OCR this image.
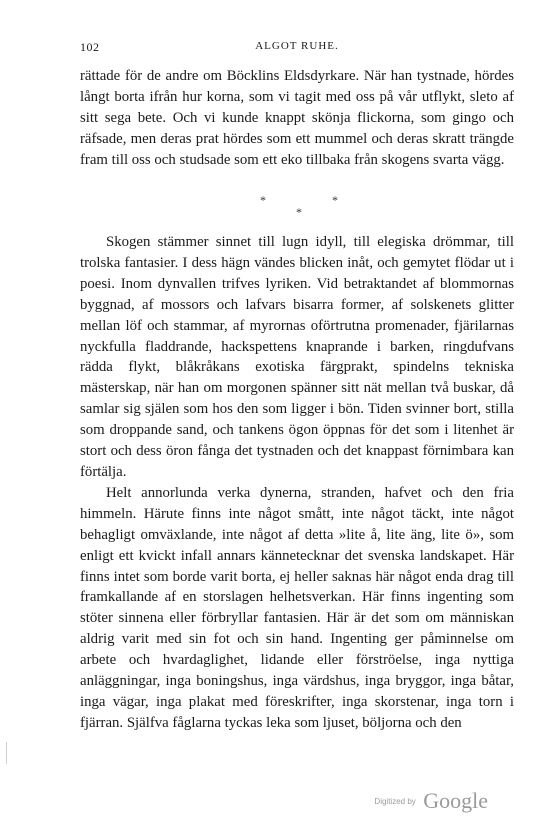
102	ALGOT RUHE.

rättade för de andre om Böcklins Eldsdyrkare. När han tystnade, hördes långt borta ifrån hur korna, som vi tagit med oss på vår utflykt, sleto af sitt sega bete. Och vi kunde knappt skönja flickorna, som gingo och räfsade, men deras prat hördes som ett mummel och deras skratt trängde fram till oss och studsade som ett eko tillbaka från skogens svarta vägg.

*	*
*

Skogen stämmer sinnet till lugn idyll, till elegiska drömmar, till trolska fantasier. I dess hägn vändes blicken inåt, och gemytet flödar ut i poesi. Inom dynvallen trifves lyriken. Vid betraktandet af blommornas byggnad, af mossors och lafvars bisarra former, af solskenets glitter mellan löf och stammar, af myrornas oförtrutna promenader, fjärilarnas nyckfulla fladdrande, hackspettens knaprande i barken, ringdufvans rädda flykt, blåkråkans exotiska färgprakt, spindelns tekniska mästerskap, när han om morgonen spänner sitt nät mellan två buskar, då samlar sig själen som hos den som ligger i bön. Tiden svinner bort, stilla som droppande sand, och tankens ögon öppnas för det som i litenhet är stort och dess öron fånga det tystnaden och det knappast förnimbara kan förtälja.

Helt annorlunda verka dynerna, stranden, hafvet och den fria himmeln. Härute finns inte något smått, inte något täckt, inte något behagligt omväxlande, inte något af detta »lite å, lite äng, lite ö», som enligt ett kvickt infall annars kännetecknar det svenska landskapet. Här finns intet som borde varit borta, ej heller saknas här något enda drag till framkallande af en storslagen helhetsverkan. Här finns ingenting som stöter sinnena eller förbryllar fantasien. Här är det som om människan aldrig varit med sin fot och sin hand. Ingenting ger påminnelse om arbete och hvardaglighet, lidande eller förströelse, inga nyttiga anläggningar, inga boningshus, inga värdshus, inga bryggor, inga båtar, inga vägar, inga plakat med föreskrifter, inga skorstenar, inga torn i fjärran. Själfva fåglarna tyckas leka som ljuset, böljorna och den

Digitized by Google
